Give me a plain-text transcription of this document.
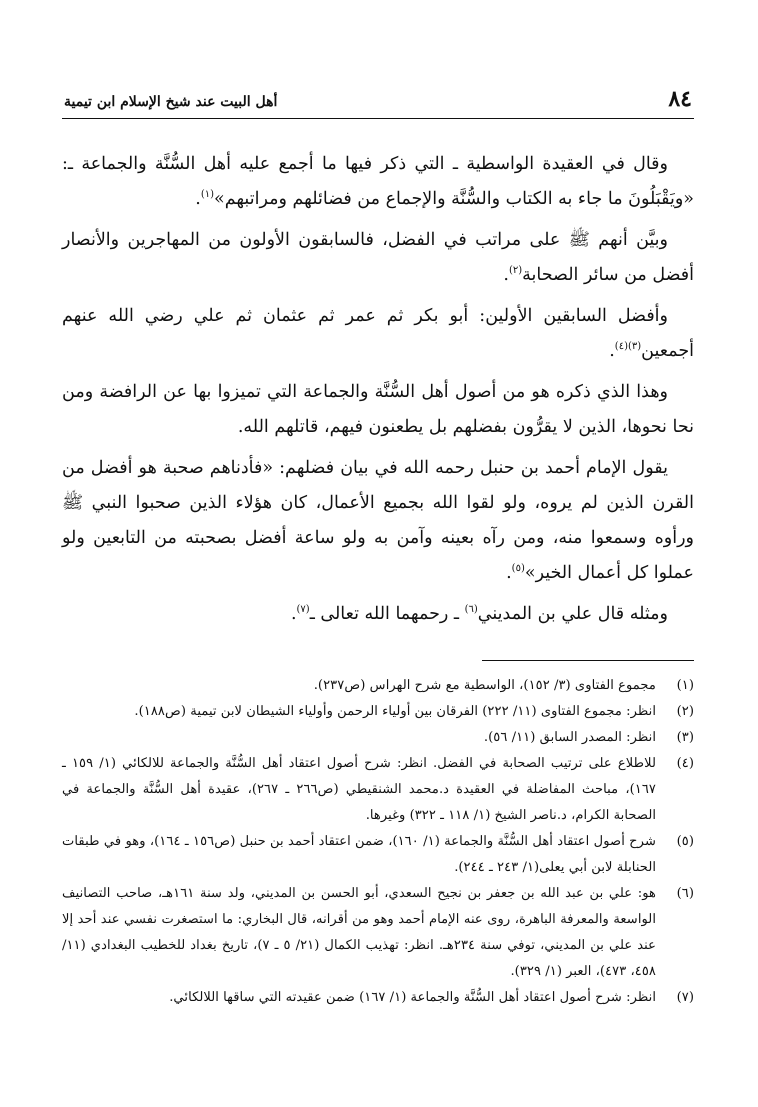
٨٤
أهل البيت عند شيخ الإسلام ابن تيمية

وقال في العقيدة الواسطية ـ التي ذكر فيها ما أجمع عليه أهل السُّنَّة والجماعة ـ: «ويَقْبَلُونَ ما جاء به الكتاب والسُّنَّة والإجماع من فضائلهم ومراتبهم»$^{(١)}$.

وبيَّن أنهم ﷺ على مراتب في الفضل، فالسابقون الأولون من المهاجرين والأنصار أفضل من سائر الصحابة$^{(٢)}$.

وأفضل السابقين الأولين: أبو بكر ثم عمر ثم عثمان ثم علي رضي الله عنهم أجمعين$^{(٣)(٤)}$.

وهذا الذي ذكره هو من أصول أهل السُّنَّة والجماعة التي تميزوا بها عن الرافضة ومن نحا نحوها، الذين لا يقرُّون بفضلهم بل يطعنون فيهم، قاتلهم الله.

يقول الإمام أحمد بن حنبل رحمه الله في بيان فضلهم: «فأدناهم صحبة هو أفضل من القرن الذين لم يروه، ولو لقوا الله بجميع الأعمال، كان هؤلاء الذين صحبوا النبي ﷺ ورأوه وسمعوا منه، ومن رآه بعينه وآمن به ولو ساعة أفضل بصحبته من التابعين ولو عملوا كل أعمال الخير»$^{(٥)}$.

ومثله قال علي بن المديني$^{(٦)}$ ـ رحمهما الله تعالى ـ$^{(٧)}$.

(١)
مجموع الفتاوى (٣/ ١٥٢)، الواسطية مع شرح الهراس (ص٢٣٧).

(٢)
انظر: مجموع الفتاوى (١١/ ٢٢٢) الفرقان بين أولياء الرحمن وأولياء الشيطان لابن تيمية (ص١٨٨).

(٣)
انظر: المصدر السابق (١١/ ٥٦).

(٤)
للاطلاع على ترتيب الصحابة في الفضل. انظر: شرح أصول اعتقاد أهل السُّنَّة والجماعة للالكائي (١/ ١٥٩ ـ ١٦٧)، مباحث المفاضلة في العقيدة د.محمد الشنقيطي (ص٢٦٦ ـ ٢٦٧)، عقيدة أهل السُّنَّة والجماعة في الصحابة الكرام، د.ناصر الشيخ (١/ ١١٨ ـ ٣٢٢) وغيرها.

(٥)
شرح أصول اعتقاد أهل السُّنَّة والجماعة (١/ ١٦٠)، ضمن اعتقاد أحمد بن حنبل (ص١٥٦ ـ ١٦٤)، وهو في طبقات الحنابلة لابن أبي يعلى(١/ ٢٤٣ ـ ٢٤٤).

(٦)
هو: علي بن عبد الله بن جعفر بن نجيح السعدي، أبو الحسن بن المديني، ولد سنة ١٦١هـ، صاحب التصانيف الواسعة والمعرفة الباهرة، روى عنه الإمام أحمد وهو من أقرانه، قال البخاري: ما استصغرت نفسي عند أحد إلا عند علي بن المديني، توفي سنة ٢٣٤هـ. انظر: تهذيب الكمال (٢١/ ٥ ـ ٧)، تاريخ بغداد للخطيب البغدادي (١١/ ٤٥٨، ٤٧٣)، العبر (١/ ٣٢٩).

(٧)
انظر: شرح أصول اعتقاد أهل السُّنَّة والجماعة (١/ ١٦٧) ضمن عقيدته التي ساقها اللالكائي.
